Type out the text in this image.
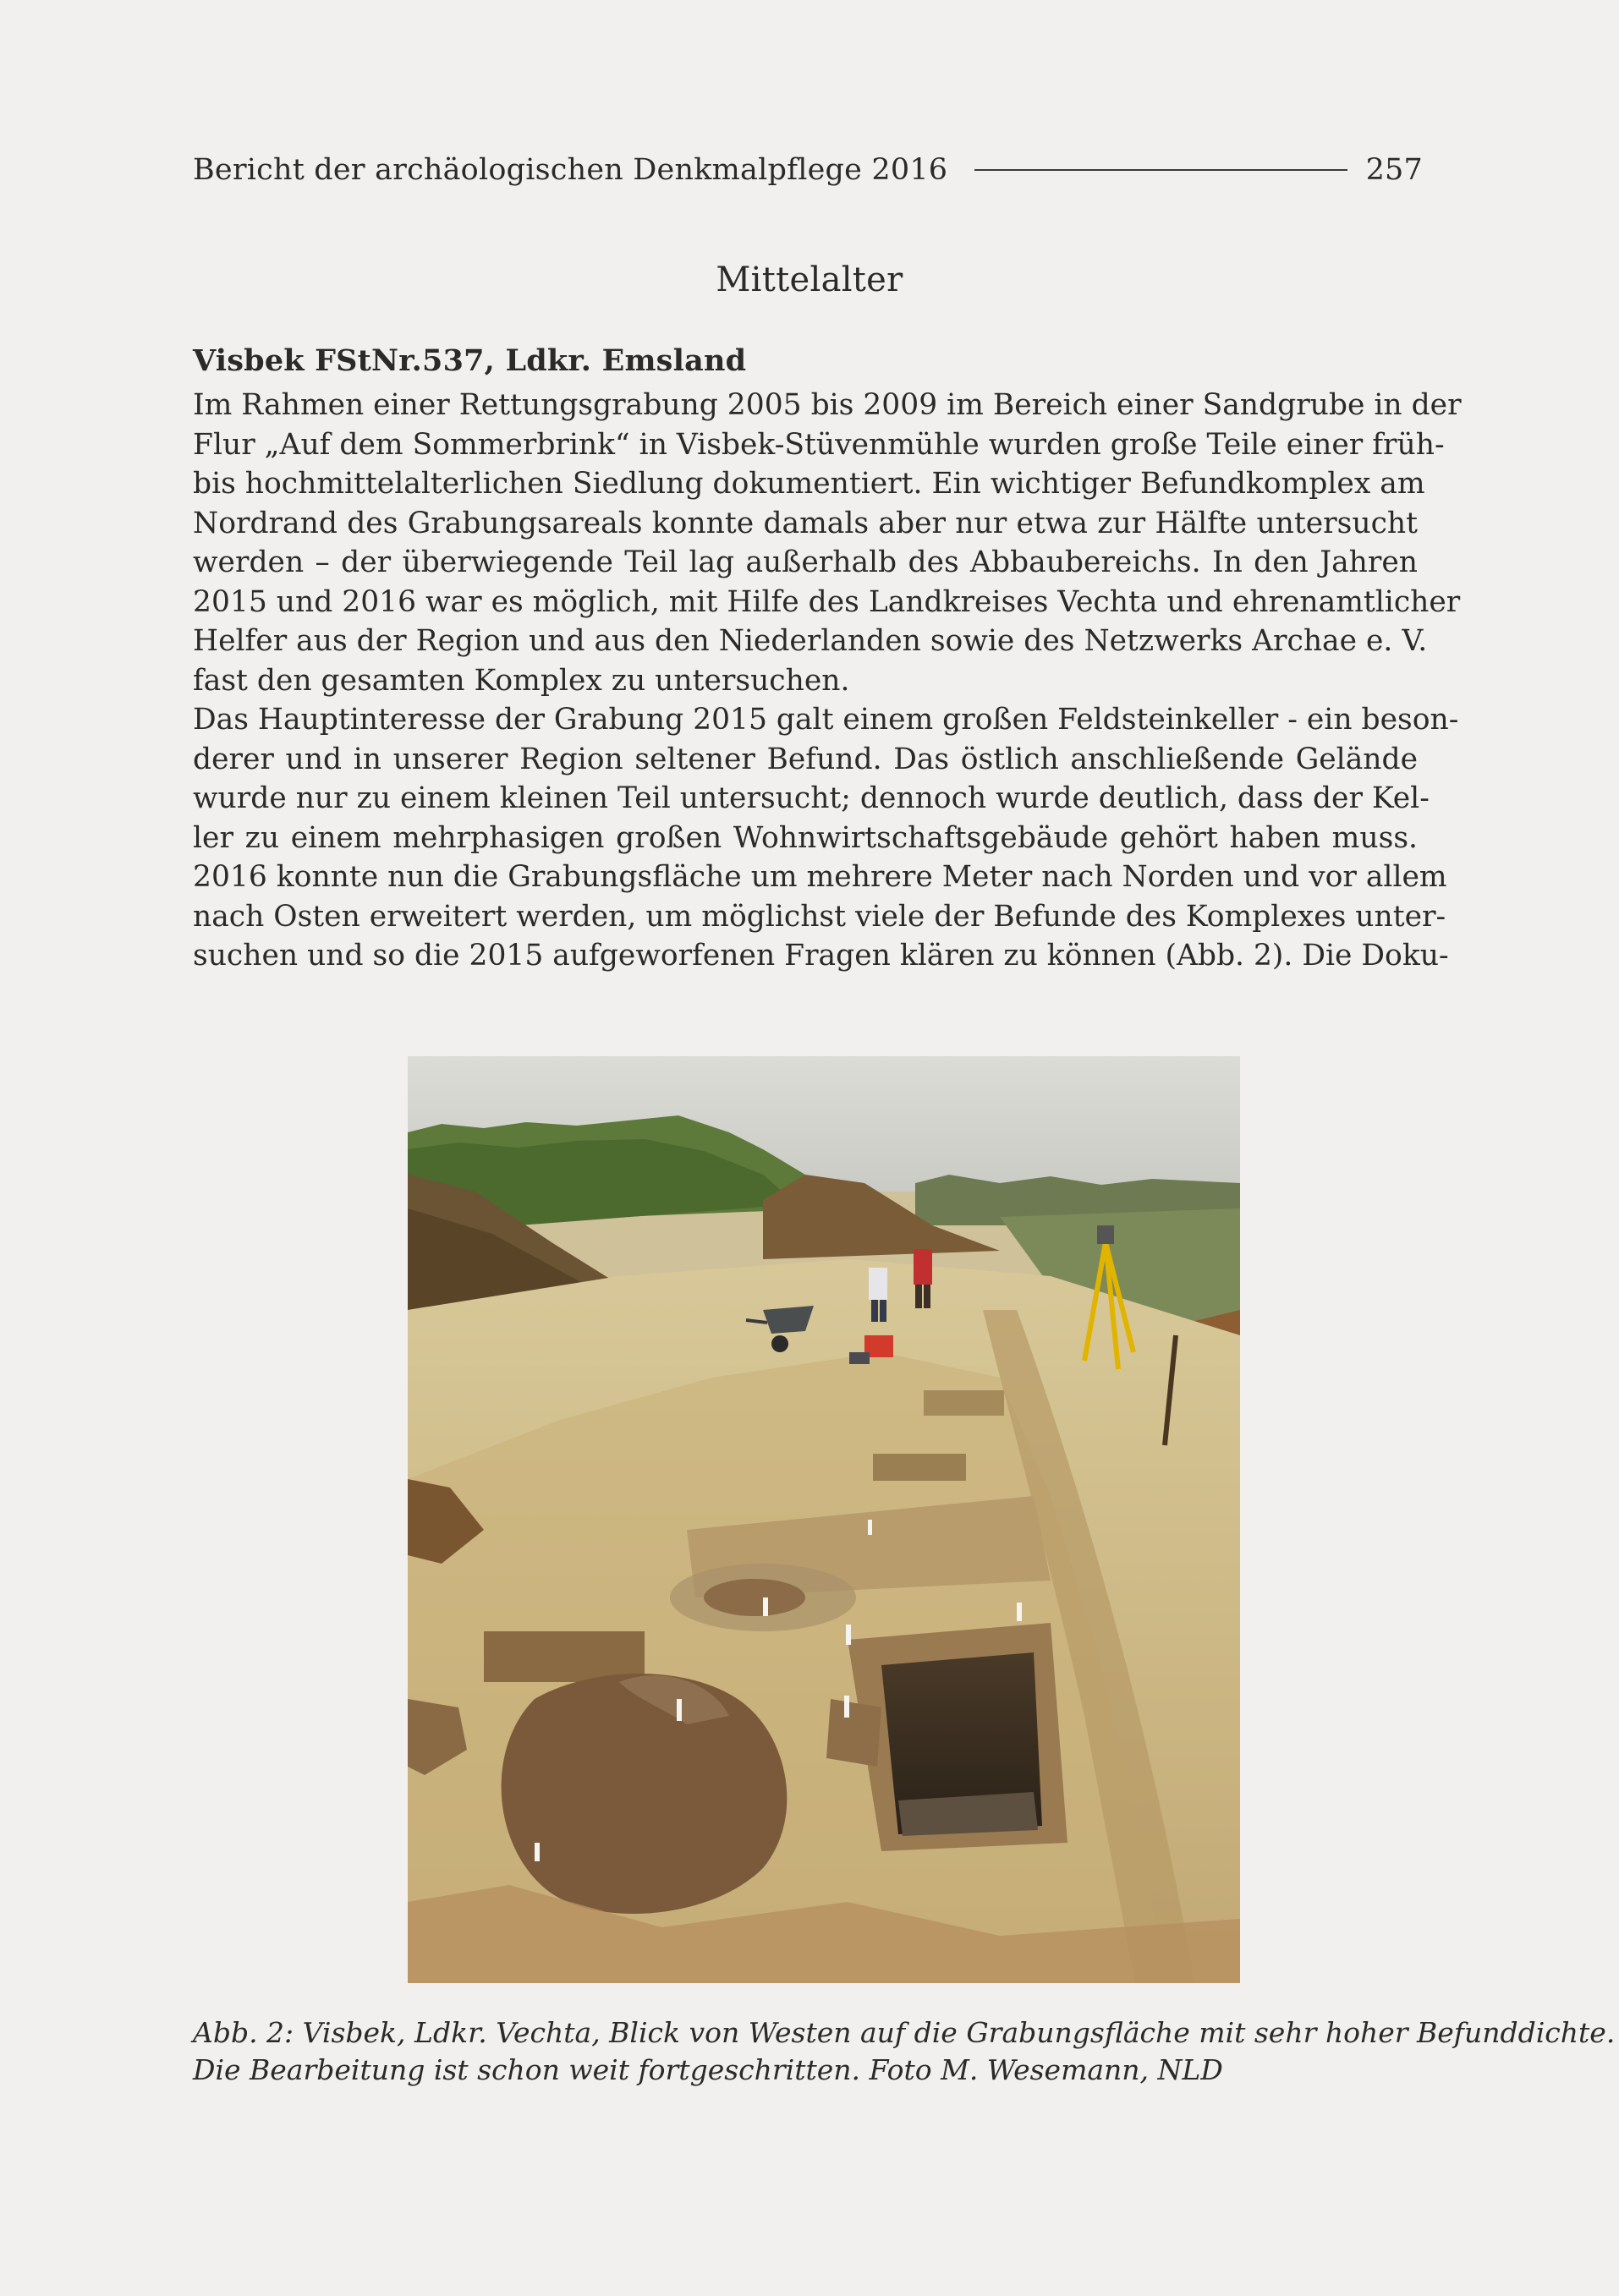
Bericht der archäologischen Denkmalpflege 2016	257
Mittelalter
Visbek FStNr.537, Ldkr. Emsland
Im Rahmen einer Rettungsgrabung 2005 bis 2009 im Bereich einer Sandgrube in der
Flur „Auf dem Sommerbrink“ in Visbek-Stüvenmühle wurden große Teile einer früh-
bis hochmittelalterlichen Siedlung dokumentiert. Ein wichtiger Befundkomplex am
Nordrand des Grabungsareals konnte damals aber nur etwa zur Hälfte untersucht
werden – der überwiegende Teil lag außerhalb des Abbaubereichs. In den Jahren
2015 und 2016 war es möglich, mit Hilfe des Landkreises Vechta und ehrenamtlicher
Helfer aus der Region und aus den Niederlanden sowie des Netzwerks Archae e. V.
fast den gesamten Komplex zu untersuchen.
Das Hauptinteresse der Grabung 2015 galt einem großen Feldsteinkeller - ein beson-
derer und in unserer Region seltener Befund. Das östlich anschließende Gelände
wurde nur zu einem kleinen Teil untersucht; dennoch wurde deutlich, dass der Kel-
ler zu einem mehrphasigen großen Wohnwirtschaftsgebäude gehört haben muss.
2016 konnte nun die Grabungsfläche um mehrere Meter nach Norden und vor allem
nach Osten erweitert werden, um möglichst viele der Befunde des Komplexes unter-
suchen und so die 2015 aufgeworfenen Fragen klären zu können (Abb. 2). Die Doku-
Abb. 2: Visbek, Ldkr. Vechta, Blick von Westen auf die Grabungsfläche mit sehr hoher Befunddichte.
Die Bearbeitung ist schon weit fortgeschritten. Foto M. Wesemann, NLD
